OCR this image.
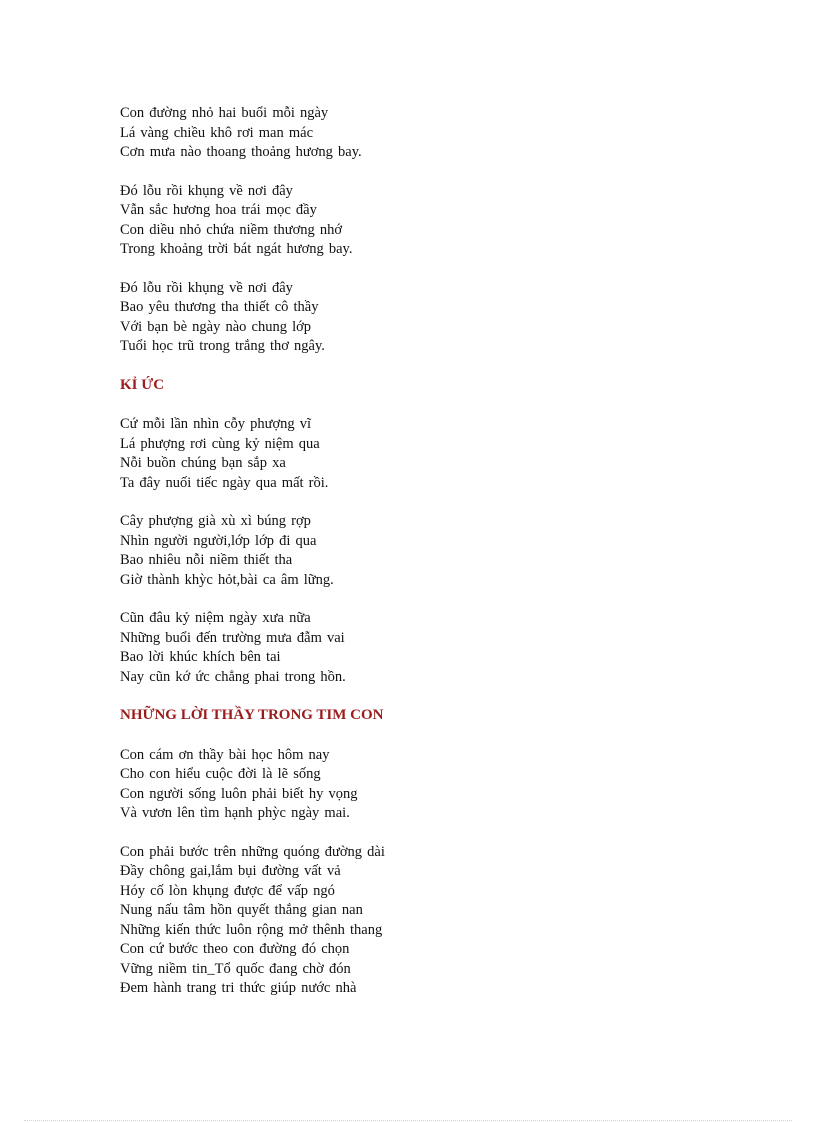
Con đường nhỏ hai buổi mỗi ngày
Lá vàng chiều khô rơi man mác
Cơn mưa nào thoang thoảng hương bay.
Đó lỗu rồi khụng về nơi đây
Vẫn sắc hương hoa trái mọc đầy
Con diều nhỏ chứa niềm thương nhớ
Trong khoảng trời bát ngát hương bay.
Đó lỗu rồi khụng về nơi đây
Bao yêu thương tha thiết cô thầy
Với bạn bè ngày nào chung lớp
Tuổi học trũ trong trắng thơ ngây.
KỈ ỨC
Cứ mỗi lần nhìn cỗy phượng vĩ
Lá phượng rơi cùng kỷ niệm qua
Nỗi buồn chúng bạn sắp xa
Ta đây nuối tiếc ngày qua mất rồi.
Cây phượng già xù xì búng rợp
Nhìn người người,lớp lớp đi qua
Bao nhiêu nỗi niềm thiết tha
Giờ thành khỳc hỏt,bài ca âm lững.
Cũn đâu kỷ niệm ngày xưa nữa
Những buổi đến trường mưa đẫm vai
Bao lời khúc khích bên tai
Nay cũn kớ ức chẳng phai trong hồn.
NHỮNG LỜI THẦY TRONG TIM CON
Con cám ơn thầy bài học hôm nay
Cho con hiểu cuộc đời là lẽ sống
Con người sống luôn phải biết hy vọng
Và vươn lên tìm hạnh phỳc ngày mai.
Con phải bước trên những quóng đường dài
Đầy chông gai,lắm bụi đường vất vả
Hóy cố lòn khụng được để vấp ngó
Nung nấu tâm hồn quyết thắng gian nan
Những kiến thức luôn rộng mở thênh thang
Con cứ bước theo con đường đó chọn
Vững niềm tin_Tổ quốc đang chờ đón
Đem hành trang tri thức giúp nước nhà
